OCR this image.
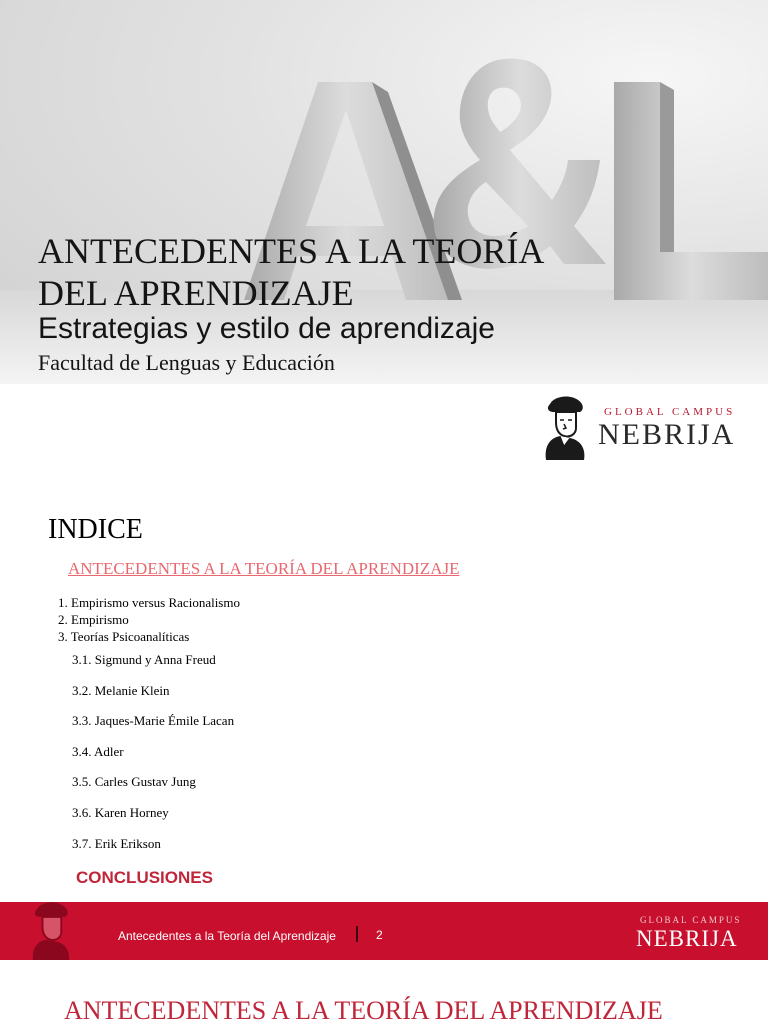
ANTECEDENTES A LA TEORÍA
DEL APRENDIZAJE
Estrategias y estilo de aprendizaje
Facultad de Lenguas y Educación
GLOBAL CAMPUS
NEBRIJA
INDICE
ANTECEDENTES A LA TEORÍA DEL APRENDIZAJE
1. Empirismo versus Racionalismo
2. Empirismo
3. Teorías Psicoanalíticas
3.1. Sigmund y Anna Freud
3.2. Melanie Klein
3.3. Jaques-Marie Émile Lacan
3.4. Adler
3.5. Carles Gustav Jung
3.6. Karen Horney
3.7. Erik Erikson
CONCLUSIONES
Antecedentes a la Teoría del Aprendizaje	2
GLOBAL CAMPUS
NEBRIJA
ANTECEDENTES A LA TEORÍA DEL APRENDIZAJE
